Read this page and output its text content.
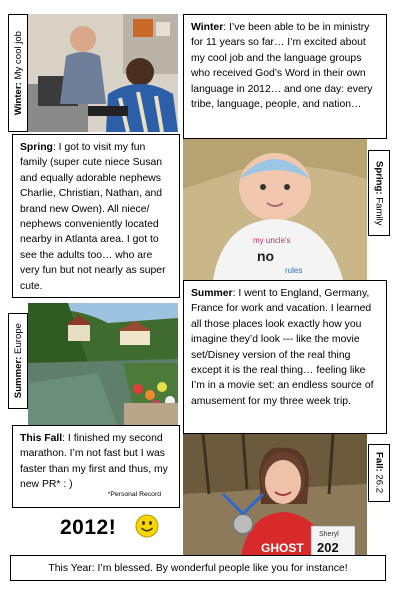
Winter: My cool job
Winter: I’ve been able to be in ministry for 11 years so far… I’m excited about my cool job and the language groups who received God’s Word in their own language in 2012… and one day: every tribe, language, people, and nation…
Spring: I got to visit my fun family (super cute niece Susan and equally adorable nephews Charlie, Christian, Nathan, and brand new Owen). All niece/ nephews conveniently located nearby in Atlanta area. I got to see the adults too… who are very fun but not nearly as super cute.
my uncle's
no
rules
Spring: Family
Summer: Europe
Summer: I went to England, Germany, France for work and vacation. I learned all those places look exactly how you imagine they’d look --- like the movie set/Disney version of the real thing except it is the real thing… feeling like I’m in a movie set: an endless source of amusement for my three week trip.
This Fall: I finished my second marathon. I’m not fast but I was faster than my first and thus, my new PR* : )
*Personal Record
GHOST
Sheryl
202
Fall: 26.2
2012!
This Year: I’m blessed. By wonderful people like you for instance!
